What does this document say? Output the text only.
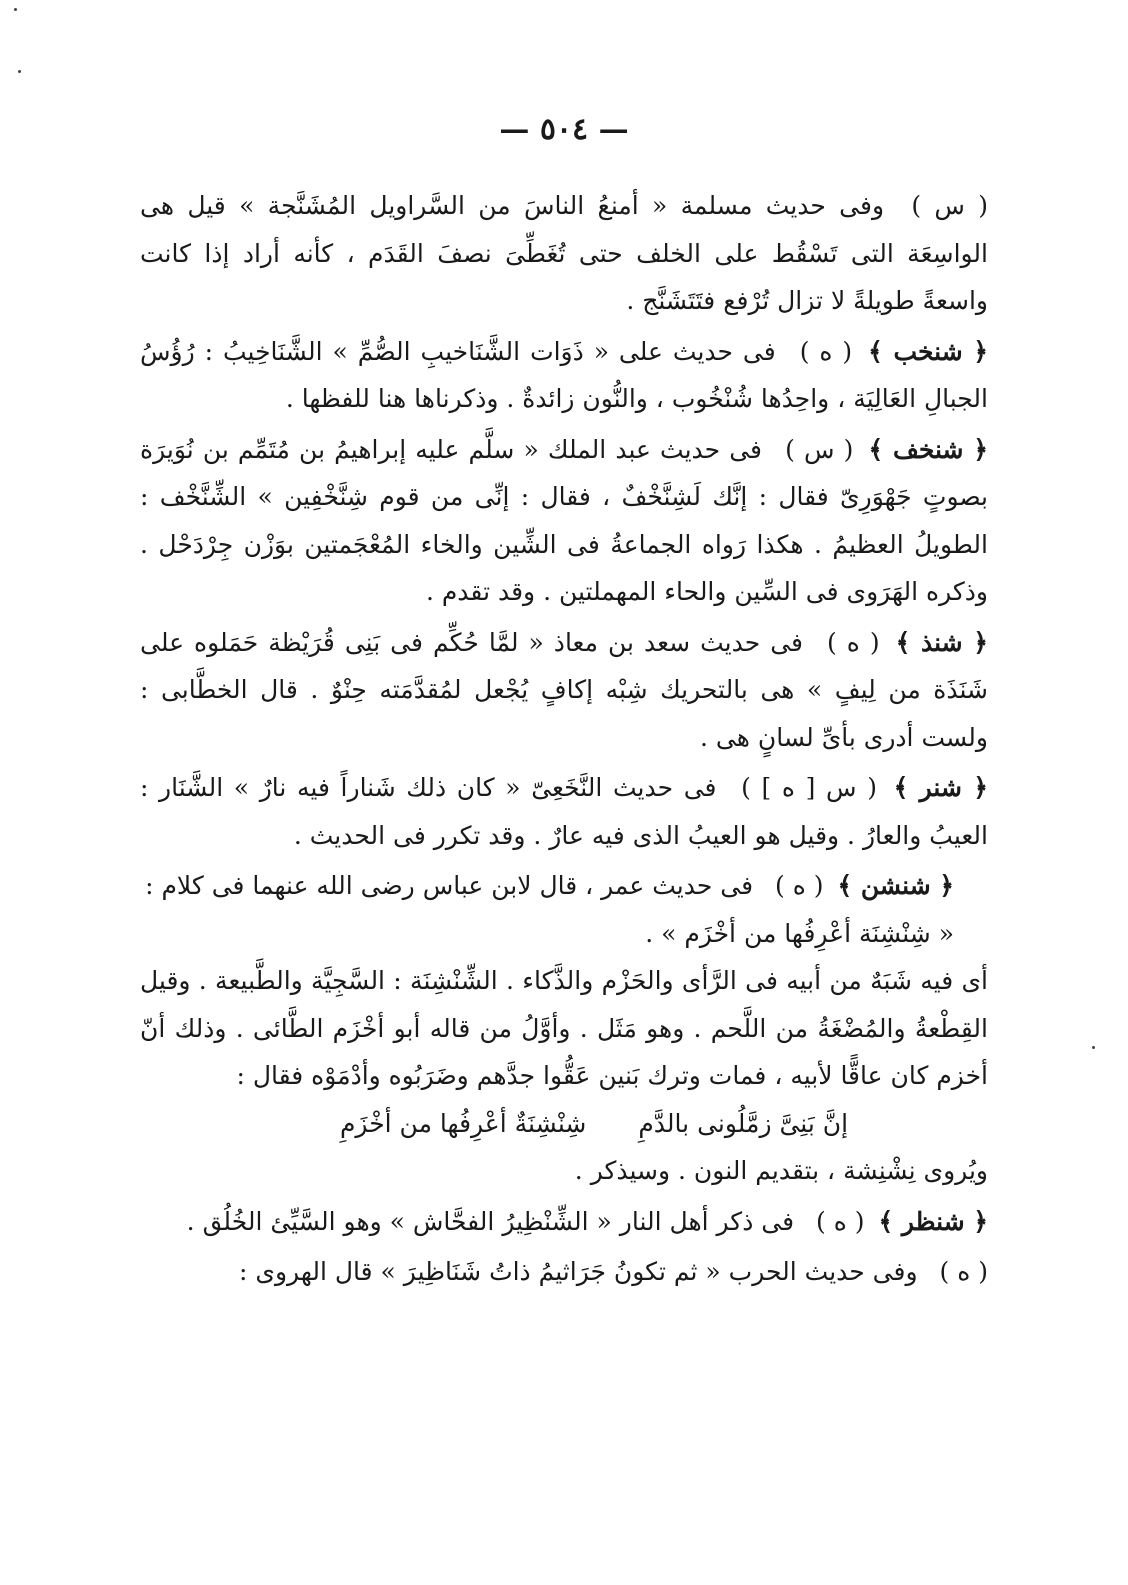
— ٥٠٤ —

( س ) وفى حديث مسلمة « أمنعُ الناسَ من السَّراويل المُشَنَّجة » قيل هى الواسِعَة التى تَسْقُط على الخلف حتى تُغَطِّىَ نصفَ القَدَم ، كأنه أراد إذا كانت واسعةً طويلةً لا تزال تُرْفع فتَتَشَنَّج .

﴿ شنخب ﴾ ( ه ) فى حديث على « ذَوَات الشَّنَاخيبِ الصُّمِّ » الشَّنَاخِيبُ : رُؤُسُ الجبالِ العَالِيَة ، واحِدُها شُنْخُوب ، والنُّون زائدةٌ . وذكرناها هنا للفظها .

﴿ شنخف ﴾ ( س ) فى حديث عبد الملك « سلَّم عليه إبراهيمُ بن مُتَمِّم بن نُوَيرَة بصوتٍ جَهْوَرِىّ فقال : إنَّك لَشِنَّخْفٌ ، فقال : إنِّى من قوم شِنَّخْفِين » الشِّنَّخْف : الطويلُ العظيمُ . هكذا رَواه الجماعةُ فى الشِّين والخاء المُعْجَمتين بوَزْن جِرْدَحْل . وذكره الهَرَوى فى السِّين والحاء المهملتين . وقد تقدم .

﴿ شنذ ﴾ ( ه ) فى حديث سعد بن معاذ « لمَّا حُكِّم فى بَنِى قُرَيْظة حَمَلوه على شَنَذَة من لِيفٍ » هى بالتحريك شِبْه إكافٍ يُجْعل لمُقدَّمَته حِنْوٌ . قال الخطَّابى : ولست أدرى بأىِّ لسانٍ هى .

﴿ شنر ﴾ ( س [ ه ] ) فى حديث النَّخَعِىّ « كان ذلك شَناراً فيه نارٌ » الشَّنَار : العيبُ والعارُ . وقيل هو العيبُ الذى فيه عارٌ . وقد تكرر فى الحديث .

﴿ شنشن ﴾ ( ه ) فى حديث عمر ، قال لابن عباس رضى الله عنهما فى كلام :

« شِنْشِنَة أعْرِفُها من أخْزَم » .

أى فيه شَبَهٌ من أبيه فى الرَّأى والحَزْم والذَّكاء . الشِّنْشِنَة : السَّجِيَّة والطَّبيعة . وقيل القِطْعةُ والمُضْغَةُ من اللَّحم . وهو مَثَل . وأوَّلُ من قاله أبو أخْزَم الطَّائى . وذلك أنّ أخزم كان عاقًّا لأبيه ، فمات وترك بَنين عَقُّوا جدَّهم وضَرَبُوه وأدْمَوْه فقال :

إنَّ بَنِىَّ زمَّلُونى بالدَّمِ شِنْشِنَةٌ أعْرِفُها من أخْزَمِ

ويُروى نِشْنِشة ، بتقديم النون . وسيذكر .

﴿ شنظر ﴾ ( ه ) فى ذكر أهل النار « الشِّنْظِيرُ الفحَّاش » وهو السَّيِّئ الخُلُق .

( ه ) وفى حديث الحرب « ثم تكونُ جَرَاثيمُ ذاتُ شَنَاظِيرَ » قال الهروى :
